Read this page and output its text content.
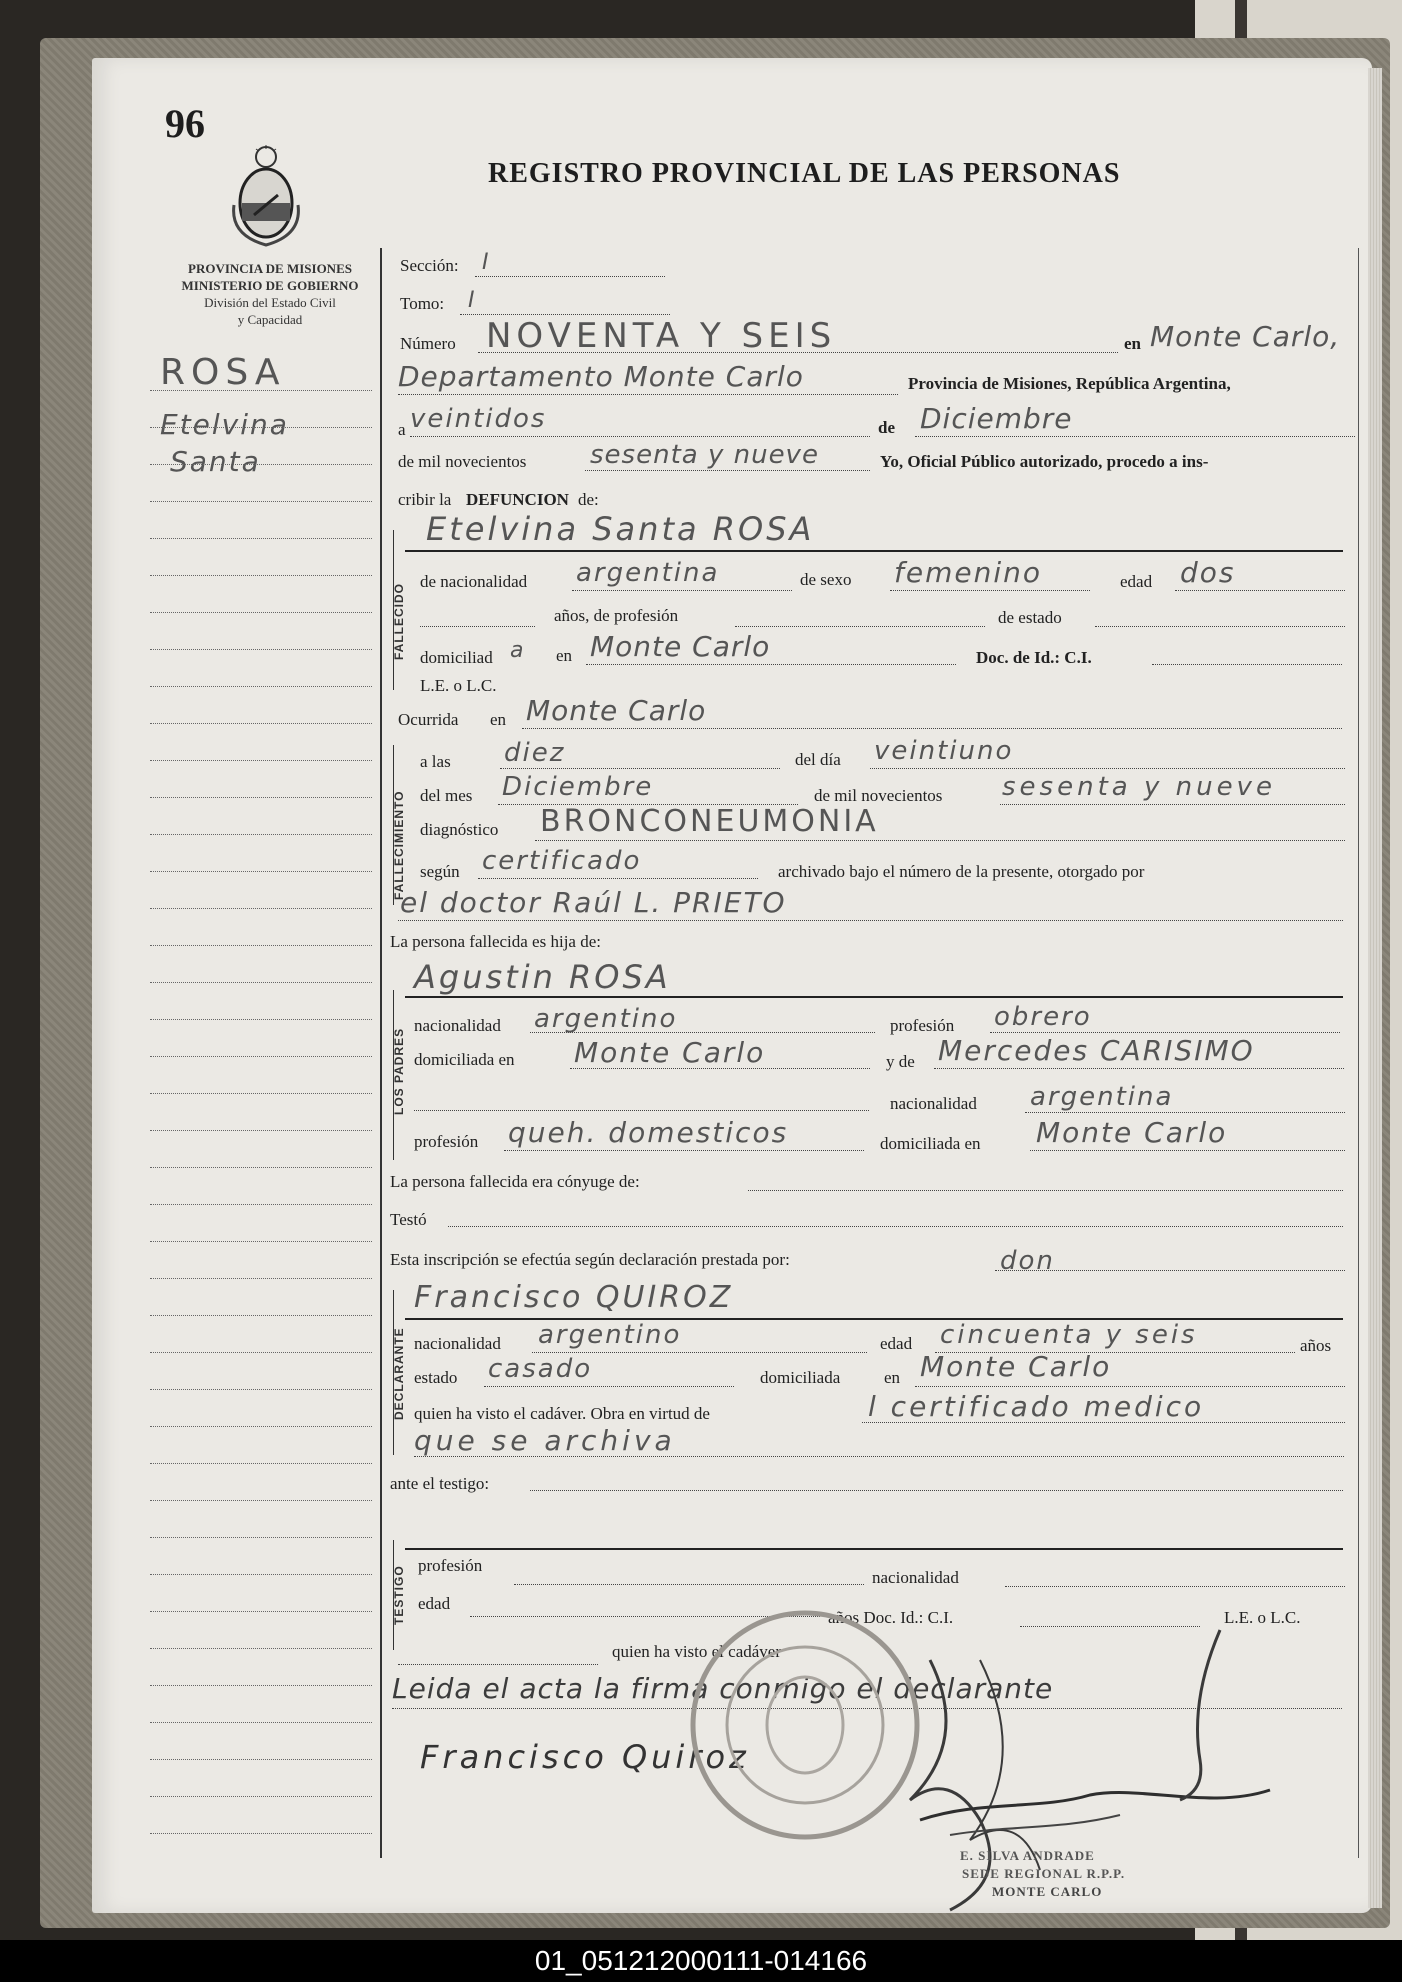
96
REGISTRO PROVINCIAL DE LAS PERSONAS
PROVINCIA DE MISIONES
MINISTERIO DE GOBIERNO
División del Estado Civil
y Capacidad
ROSA
Etelvina
Santa
FALLECIDO
FALLECIMIENTO
LOS PADRES
DECLARANTE
TESTIGO
Sección: I
Tomo: I
Número NOVENTA Y SEIS	en Monte Carlo,
Departamento Monte Carlo	Provincia de Misiones, República Argentina,
a veintidos	de Diciembre
de mil novecientos sesenta y nueve	Yo, Oficial Público autorizado, procedo a ins-
cribir la DEFUNCION de:
Etelvina Santa ROSA
de nacionalidad argentina	de sexo femenino	edad dos
años, de profesión	de estado
domiciliad a en Monte Carlo	Doc. de Id.: C.I.
L.E. o L.C.
Ocurrida en Monte Carlo
a las diez	del día veintiuno
del mes Diciembre	de mil novecientos sesenta y nueve
diagnóstico BRONCONEUMONIA
según certificado	archivado bajo el número de la presente, otorgado por
el doctor Raúl L. PRIETO
La persona fallecida es hija de:
Agustin ROSA
nacionalidad argentino	profesión obrero
domiciliada en Monte Carlo	y de Mercedes CARISIMO
nacionalidad argentina
profesión queh. domesticos	domiciliada en Monte Carlo
La persona fallecida era cónyuge de:
Testó
Esta inscripción se efectúa según declaración prestada por:	don
Francisco QUIROZ
nacionalidad argentino	edad cincuenta y seis	años
estado casado	domiciliada	en Monte Carlo
quien ha visto el cadáver. Obra en virtud de	l certificado medico
que se archiva
ante el testigo:
profesión
nacionalidad
edad
años Doc. Id.: C.I.	L.E. o L.C.
quien ha visto el cadáver
Leida el acta la firma conmigo el declarante
Francisco Quiroz
E. SILVA ANDRADE
SEDE REGIONAL R.P.P.
MONTE CARLO
01_051212000111-014166
